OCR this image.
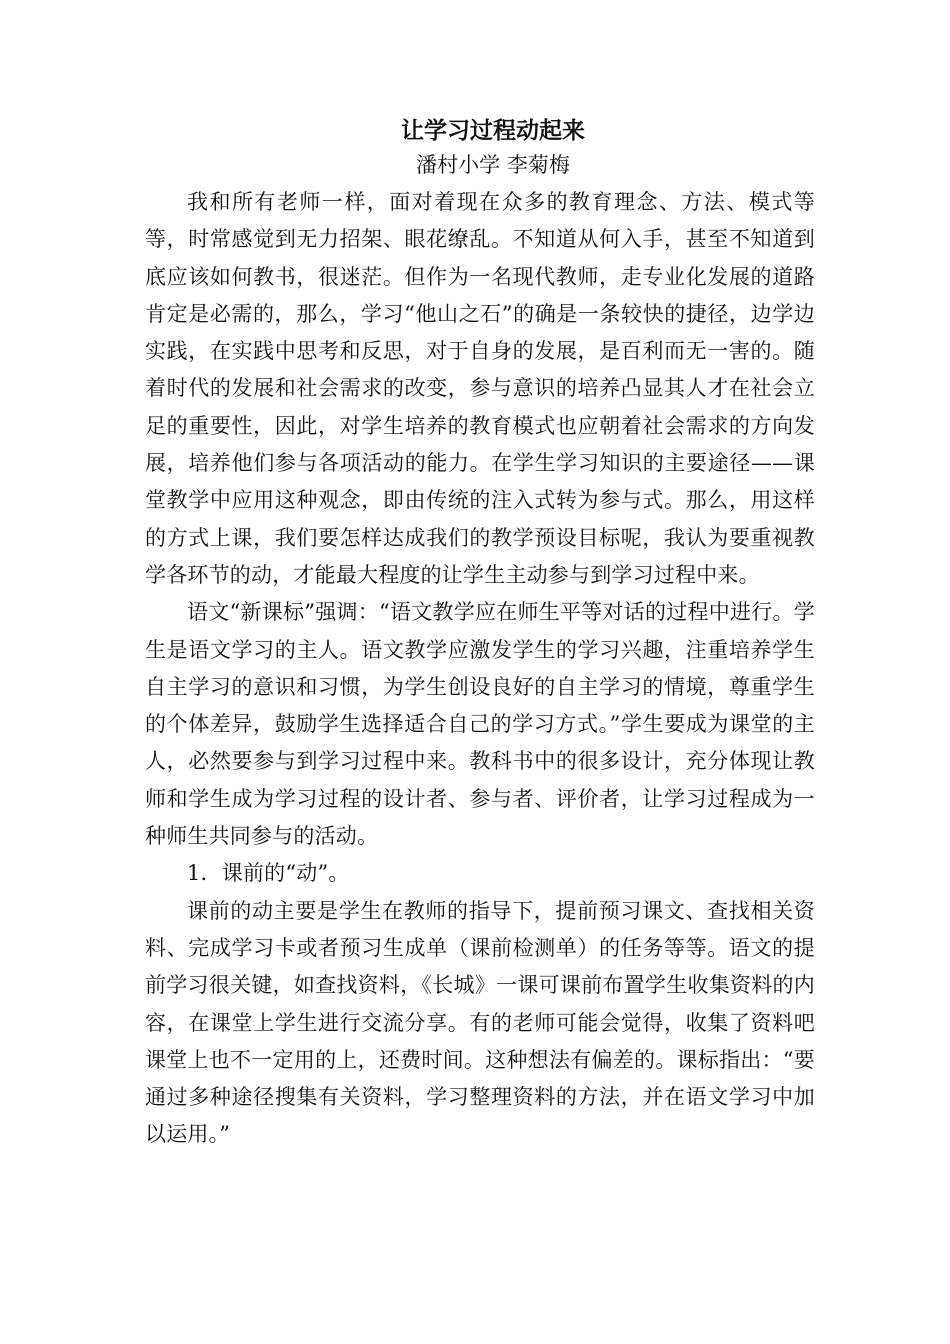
让学习过程动起来

潘村小学 李菊梅

我和所有老师一样，面对着现在众多的教育理念、方法、模式等等，时常感觉到无力招架、眼花缭乱。不知道从何入手，甚至不知道到底应该如何教书，很迷茫。但作为一名现代教师，走专业化发展的道路肯定是必需的，那么，学习“他山之石”的确是一条较快的捷径，边学边实践，在实践中思考和反思，对于自身的发展，是百利而无一害的。随着时代的发展和社会需求的改变，参与意识的培养凸显其人才在社会立足的重要性，因此，对学生培养的教育模式也应朝着社会需求的方向发展，培养他们参与各项活动的能力。在学生学习知识的主要途径——课堂教学中应用这种观念，即由传统的注入式转为参与式。那么，用这样的方式上课，我们要怎样达成我们的教学预设目标呢，我认为要重视教学各环节的动，才能最大程度的让学生主动参与到学习过程中来。

语文“新课标”强调：“语文教学应在师生平等对话的过程中进行。学生是语文学习的主人。语文教学应激发学生的学习兴趣，注重培养学生自主学习的意识和习惯，为学生创设良好的自主学习的情境，尊重学生的个体差异，鼓励学生选择适合自己的学习方式。”学生要成为课堂的主人，必然要参与到学习过程中来。教科书中的很多设计，充分体现让教师和学生成为学习过程的设计者、参与者、评价者，让学习过程成为一种师生共同参与的活动。

1．课前的“动”。

课前的动主要是学生在教师的指导下，提前预习课文、查找相关资料、完成学习卡或者预习生成单（课前检测单）的任务等等。语文的提前学习很关键，如查找资料，《长城》一课可课前布置学生收集资料的内容，在课堂上学生进行交流分享。有的老师可能会觉得，收集了资料吧课堂上也不一定用的上，还费时间。这种想法有偏差的。课标指出：“要通过多种途径搜集有关资料，学习整理资料的方法，并在语文学习中加以运用。”
